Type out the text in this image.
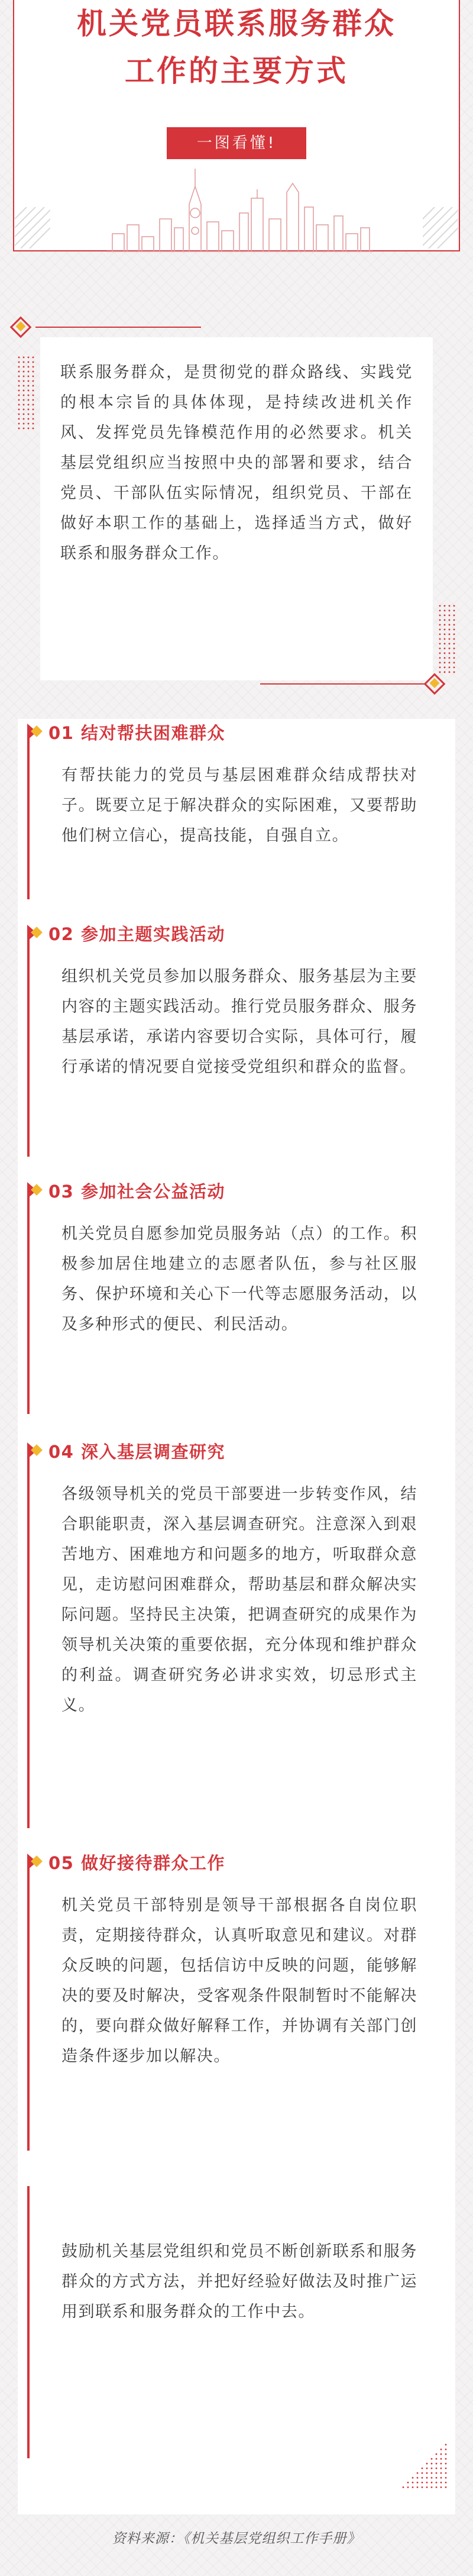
机关党员联系服务群众
工作的主要方式
一图看懂!

联系服务群众，是贯彻党的群众路线、实践党的根本宗旨的具体体现，是持续改进机关作风、发挥党员先锋模范作用的必然要求。机关基层党组织应当按照中央的部署和要求，结合党员、干部队伍实际情况，组织党员、干部在做好本职工作的基础上，选择适当方式，做好联系和服务群众工作。

01 结对帮扶困难群众
有帮扶能力的党员与基层困难群众结成帮扶对子。既要立足于解决群众的实际困难，又要帮助他们树立信心，提高技能，自强自立。
02 参加主题实践活动
组织机关党员参加以服务群众、服务基层为主要内容的主题实践活动。推行党员服务群众、服务基层承诺，承诺内容要切合实际，具体可行，履行承诺的情况要自觉接受党组织和群众的监督。
03 参加社会公益活动
机关党员自愿参加党员服务站（点）的工作。积极参加居住地建立的志愿者队伍，参与社区服务、保护环境和关心下一代等志愿服务活动，以及多种形式的便民、利民活动。
04 深入基层调查研究
各级领导机关的党员干部要进一步转变作风，结合职能职责，深入基层调查研究。注意深入到艰苦地方、困难地方和问题多的地方，听取群众意见，走访慰问困难群众，帮助基层和群众解决实际问题。坚持民主决策，把调查研究的成果作为领导机关决策的重要依据，充分体现和维护群众的利益。调查研究务必讲求实效，切忌形式主义。
05 做好接待群众工作
机关党员干部特别是领导干部根据各自岗位职责，定期接待群众，认真听取意见和建议。对群众反映的问题，包括信访中反映的问题，能够解决的要及时解决，受客观条件限制暂时不能解决的，要向群众做好解释工作，并协调有关部门创造条件逐步加以解决。
鼓励机关基层党组织和党员不断创新联系和服务群众的方式方法，并把好经验好做法及时推广运用到联系和服务群众的工作中去。
资料来源：《机关基层党组织工作手册》
